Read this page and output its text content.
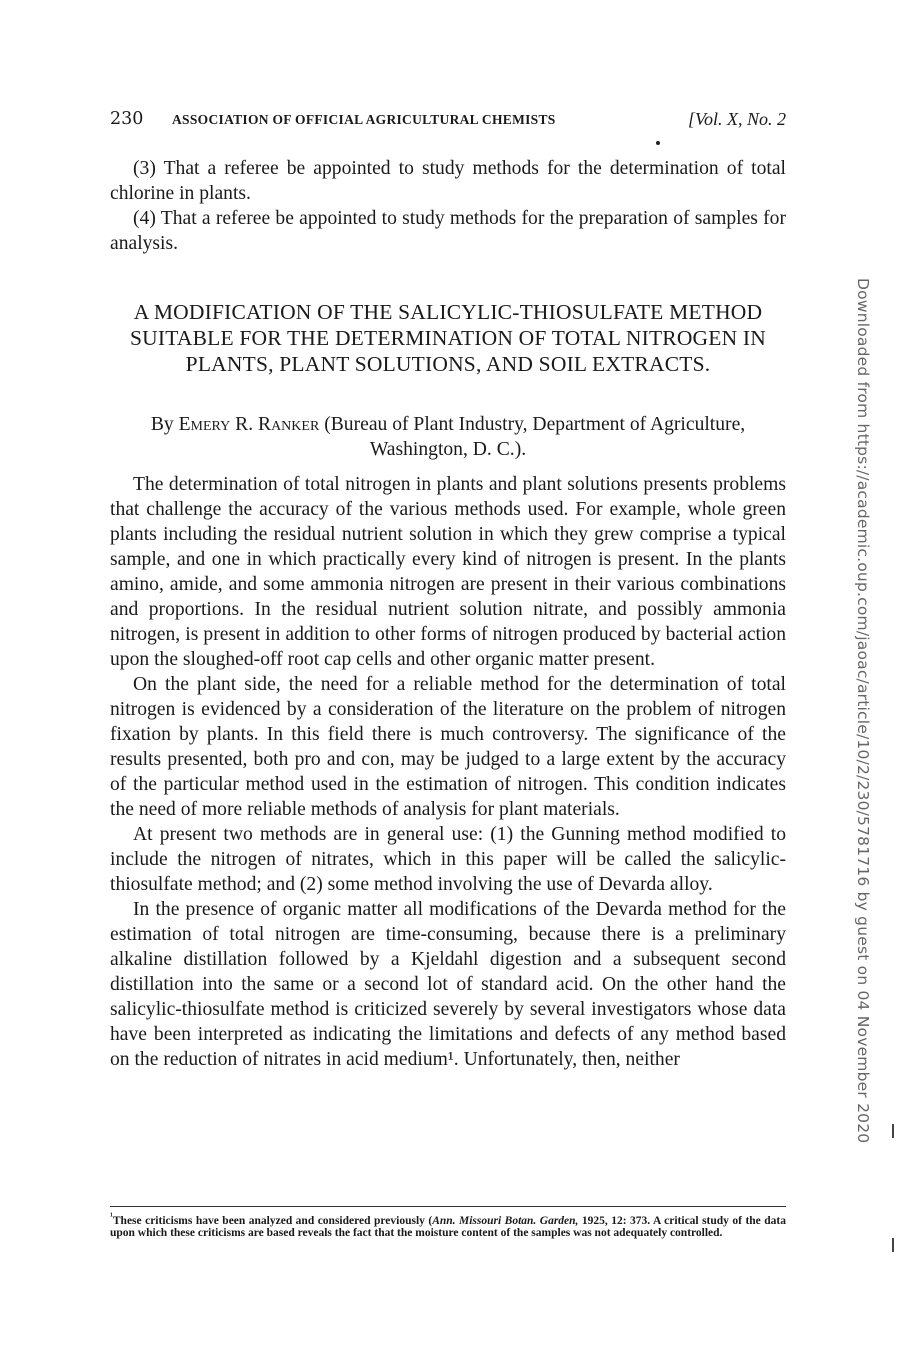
230 ASSOCIATION OF OFFICIAL AGRICULTURAL CHEMISTS	[Vol. X, No. 2

(3) That a referee be appointed to study methods for the determination of total chlorine in plants.

(4) That a referee be appointed to study methods for the preparation of samples for analysis.

A MODIFICATION OF THE SALICYLIC-THIOSULFATE METHOD SUITABLE FOR THE DETERMINATION OF TOTAL NITROGEN IN PLANTS, PLANT SOLUTIONS, AND SOIL EXTRACTS.
By Emery R. Ranker (Bureau of Plant Industry, Department of Agriculture, Washington, D. C.).

The determination of total nitrogen in plants and plant solutions presents problems that challenge the accuracy of the various methods used. For example, whole green plants including the residual nutrient solution in which they grew comprise a typical sample, and one in which practically every kind of nitrogen is present. In the plants amino, amide, and some ammonia nitrogen are present in their various combinations and proportions. In the residual nutrient solution nitrate, and possibly ammonia nitrogen, is present in addition to other forms of nitrogen produced by bacterial action upon the sloughed-off root cap cells and other organic matter present.

On the plant side, the need for a reliable method for the determination of total nitrogen is evidenced by a consideration of the literature on the problem of nitrogen fixation by plants. In this field there is much controversy. The significance of the results presented, both pro and con, may be judged to a large extent by the accuracy of the particular method used in the estimation of nitrogen. This condition indicates the need of more reliable methods of analysis for plant materials.

At present two methods are in general use: (1) the Gunning method modified to include the nitrogen of nitrates, which in this paper will be called the salicylic-thiosulfate method; and (2) some method involving the use of Devarda alloy.

In the presence of organic matter all modifications of the Devarda method for the estimation of total nitrogen are time-consuming, because there is a preliminary alkaline distillation followed by a Kjeldahl digestion and a subsequent second distillation into the same or a second lot of standard acid. On the other hand the salicylic-thiosulfate method is criticized severely by several investigators whose data have been interpreted as indicating the limitations and defects of any method based on the reduction of nitrates in acid medium¹. Unfortunately, then, neither

$^{^1}$These criticisms have been analyzed and considered previously (Ann. Missouri Botan. Garden, 1925, 12: 373. A critical study of the data upon which these criticisms are based reveals the fact that the moisture content of the samples was not adequately controlled.
Downloaded from https://academic.oup.com/jaoac/article/10/2/230/5781716 by guest on 04 November 2020
